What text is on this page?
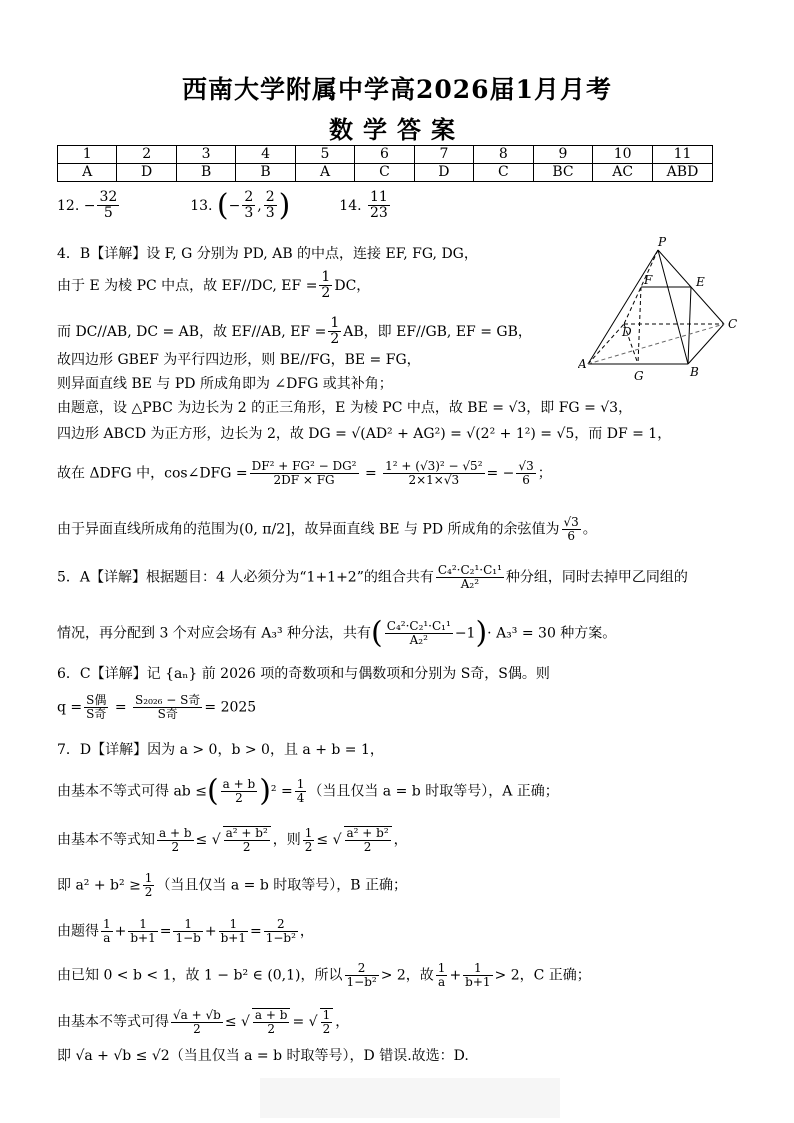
西南大学附属中学高2026届1月月考
数学答案
1	2	3	4	5	6	7	8	9	10	11
A	D	B	B	A	C	D	C	BC	AC	ABD
12. − $\frac{32}{5}$	13. (− $\frac{2}{3}$ , $\frac{2}{3}$ )	14. $\frac{11}{23}$
4．B【详解】设 F, G 分别为 PD, AB 的中点，连接 EF, FG, DG，
由于 E 为棱 PC 中点，故 EF//DC, EF = $\frac{1}{2}$ DC，
而 DC//AB, DC = AB，故 EF//AB, EF = $\frac{1}{2}$ AB，即 EF//GB, EF = GB，
故四边形 GBEF 为平行四边形，则 BE//FG，BE = FG，
则异面直线 BE 与 PD 所成角即为 ∠DFG 或其补角；
由题意，设 △PBC 为边长为 2 的正三角形，E 为棱 PC 中点，故 BE = √3，即 FG = √3，
四边形 ABCD 为正方形，边长为 2，故 DG = √(AD² + AG²) = √(2² + 1²) = √5，而 DF = 1，
故在 ΔDFG 中，cos∠DFG = $\frac{\text{DF² + FG² − DG²}}{2DF \times FG} = \frac{\text{1² + (√3)² − √5²}}{2\times 1\times√3}$ = − $\frac{√3}{6}$ ；
由于异面直线所成角的范围为(0, π/2]，故异面直线 BE 与 PD 所成角的余弦值为 $\frac{√3}{6}$ 。
P
E
F
C
D
A
G	B
5．A【详解】根据题目：4 人必须分为“1+1+2”的组合共有 $\frac{\text{C₄²·C₂¹·C₁¹}}{\text{A₂²}}$ 种分组，同时去掉甲乙同组的
情况，再分配到 3 个对应会场有 A₃³ 种分法，共有( $\frac{\text{C₄²·C₂¹·C₁¹}}{\text{A₂²}} -1)\cdot A_3^3 = 30$ 种方案。
6．C【详解】记 {aₙ} 前 2026 项的奇数项和与偶数项和分别为 S奇，S偶。则
$q = \frac{\text{S偶}}{\text{S奇}} = \frac{\text{S₂₀₂₆ − S奇}}{\text{S奇}} = 2025$
7．D【详解】因为 a > 0，b > 0，且 a + b = 1，
由基本不等式可得 ab ≤( $\frac{a + b}{2} )^2 = \frac{1}{4}$ （当且仅当 a = b 时取等号），A 正确；
由基本不等式知 $\frac{a + b}{2}$ ≤ √ $\frac{\text{a² + b²}}{2}$ ，则 $\frac{1}{2}$ ≤ √ $\frac{\text{a² + b²}}{2}$ ，
即 $a^2 + b^2 \ge \frac{1}{2}$ （当且仅当 a = b 时取等号），B 正确；
由题得 $\frac{1}{a} + \frac{1}{b+1} = \frac{1}{1-b} + \frac{1}{b+1} = \frac{2}{\text{1−b²}}$ ，
由已知 0 < b < 1，故 1 − b² ∈ (0,1)，所以 $\frac{2}{\text{1−b²}} > 2$，故 $\frac{1}{a} + \frac{1}{b+1} > 2$，C 正确；
由基本不等式可得 $\frac{√a + √b}{2}$ ≤ √ $\frac{a + b}{2}$ = √ $\frac{1}{2}$ ，
即 √a + √b ≤ √2（当且仅当 a = b 时取等号），D 错误.故选：D.
